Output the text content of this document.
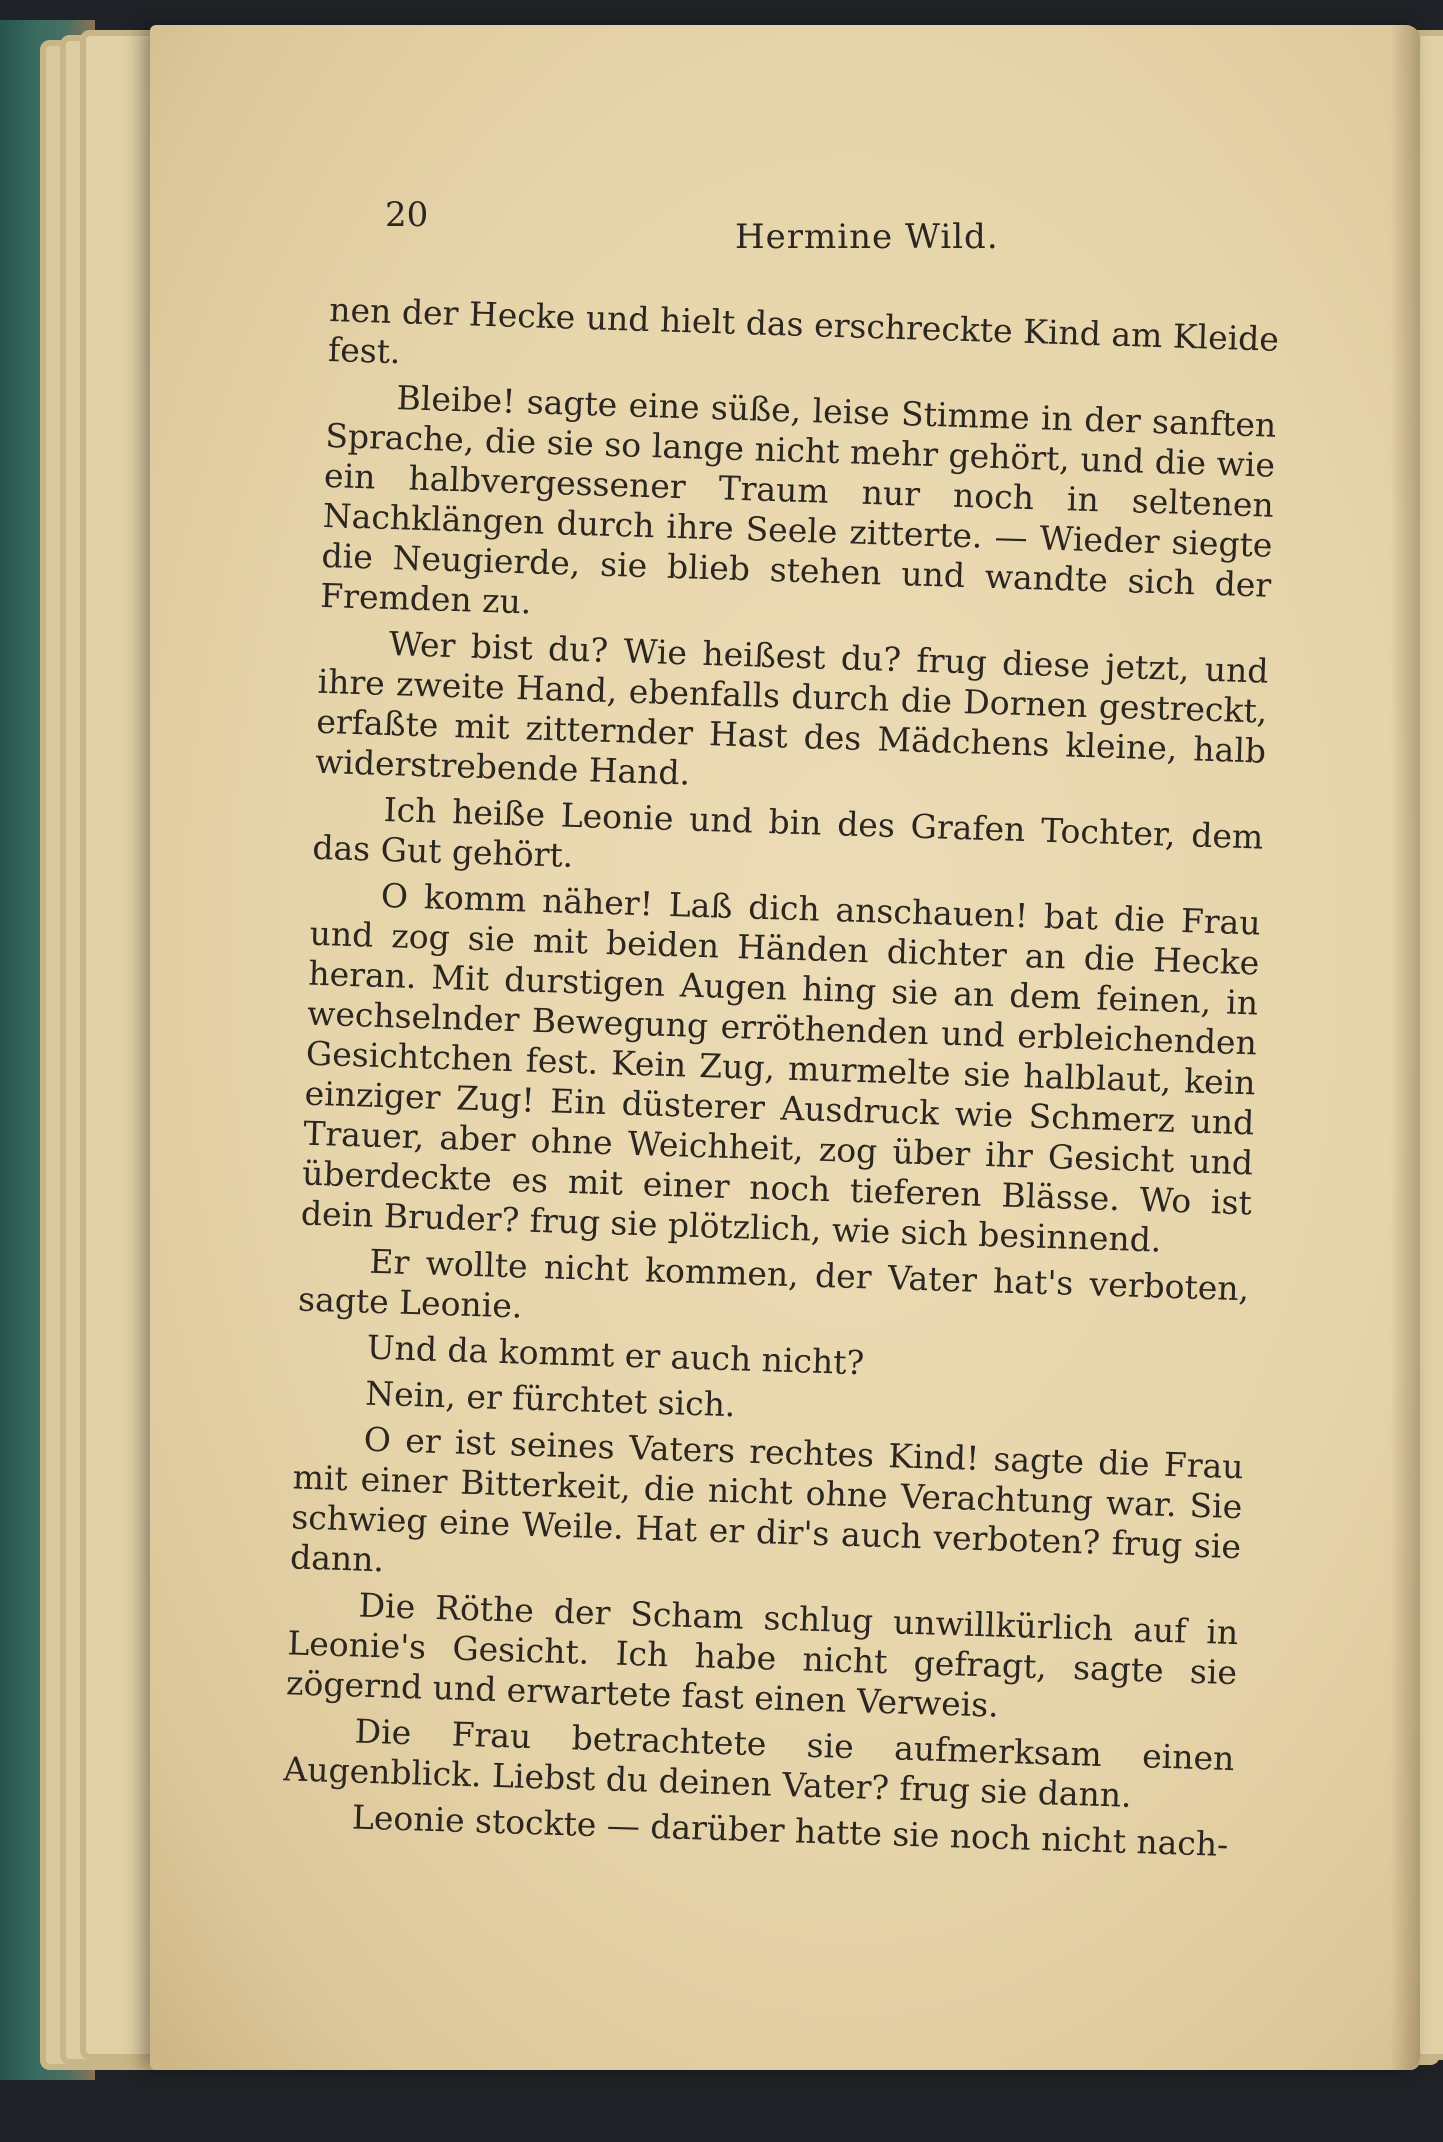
20
Hermine Wild.

nen der Hecke und hielt das erschreckte Kind am Kleide fest.

Bleibe! sagte eine süße, leise Stimme in der sanften Sprache, die sie so lange nicht mehr gehört, und die wie ein halbvergessener Traum nur noch in seltenen Nachklängen durch ihre Seele zitterte. — Wieder siegte die Neugierde, sie blieb stehen und wandte sich der Fremden zu.

Wer bist du? Wie heißest du? frug diese jetzt, und ihre zweite Hand, ebenfalls durch die Dornen gestreckt, erfaßte mit zitternder Hast des Mädchens kleine, halb widerstrebende Hand.

Ich heiße Leonie und bin des Grafen Tochter, dem das Gut gehört.

O komm näher! Laß dich anschauen! bat die Frau und zog sie mit beiden Händen dichter an die Hecke heran. Mit durstigen Augen hing sie an dem feinen, in wechselnder Bewegung erröthenden und erbleichenden Gesichtchen fest. Kein Zug, murmelte sie halblaut, kein einziger Zug! Ein düsterer Ausdruck wie Schmerz und Trauer, aber ohne Weichheit, zog über ihr Gesicht und überdeckte es mit einer noch tieferen Blässe. Wo ist dein Bruder? frug sie plötzlich, wie sich besinnend.

Er wollte nicht kommen, der Vater hat's verboten, sagte Leonie.

Und da kommt er auch nicht?

Nein, er fürchtet sich.

O er ist seines Vaters rechtes Kind! sagte die Frau mit einer Bitterkeit, die nicht ohne Verachtung war. Sie schwieg eine Weile. Hat er dir's auch verboten? frug sie dann.

Die Röthe der Scham schlug unwillkürlich auf in Leonie's Gesicht. Ich habe nicht gefragt, sagte sie zögernd und erwartete fast einen Verweis.

Die Frau betrachtete sie aufmerksam einen Augenblick. Liebst du deinen Vater? frug sie dann.

Leonie stockte — darüber hatte sie noch nicht nach-
